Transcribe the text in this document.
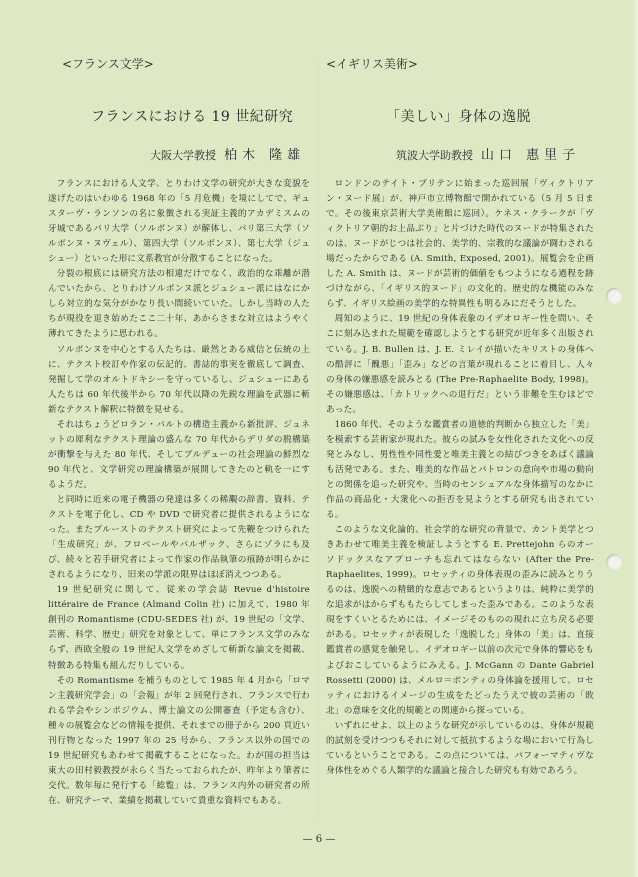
<フランス文学>
フランスにおける 19 世紀研究
大阪大学教授 柏木 隆雄

フランスにおける人文学、とりわけ文学の研究が大きな変貌を遂げたのはいわゆる 1968 年の「5 月危機」を境にしてで、ギュスターヴ・ランソンの名に象徴される実証主義的アカデミスムの牙城であるパリ大学（ソルボンヌ）が解体し、パリ第三大学（ソルボンヌ・ヌヴェル）、第四大学（ソルボンヌ）、第七大学（ジュシュー）といった形に文系教官が分散することになった。

分裂の根底には研究方法の相違だけでなく、政治的な乖離が潜んでいたから、とりわけソルボンヌ派とジュシュー派にはなにかしら対立的な気分がかなり長い間続いていた。しかし当時の人たちが現役を退き始めたここ二十年、あからさまな対立はようやく薄れてきたように思われる。

ソルボンヌを中心とする人たちは、厳然とある威信と伝統の上に、テクスト校訂や作家の伝記的、書誌的事実を徹底して調査、発掘して学のオルトドキシーを守っているし、ジュシューにある人たちは 60 年代後半から 70 年代以降の先鋭な理論を武器に斬新なテクスト解釈に特徴を見せる。

それはちょうどロラン・バルトの構造主義から新批評、ジュネットの犀利なテクスト理論の盛んな 70 年代からデリダの脱構築が衝撃を与えた 80 年代、そしてブルデューの社会理論の鮮烈な 90 年代と、文学研究の理論構築が展開してきたのと軌を一にするようだ。

と同時に近来の電子機器の発達は多くの稀覯の辞書、資料、テクストを電子化し、CD や DVD で研究者に提供されるようになった。またプルーストのテクスト研究によって先鞭をつけられた「生成研究」が、フロベールやバルザック、さらにゾラにも及び、続々と若手研究者によって作家の作品執筆の痕跡が明らかにされるようになり、旧来の学派の限界はほぼ消えつつある。

19 世紀研究に関して、従来の学会誌 Revue d'histoire littéraire de France (Almand Colin 社) に加えて、1980 年創刊の Romantisme (CDU-SEDES 社) が、19 世紀の「文学、芸術、科学、歴史」研究を対象として、単にフランス文学のみならず、西欧全般の 19 世紀人文学をめざして斬新な論文を掲載、特徴ある特集も組んだりしている。

その Romantisme を補うものとして 1985 年 4 月から「ロマン主義研究学会」の「会報」が年 2 回発行され、フランスで行われる学会やシンポジウム、博士論文の公開審査（予定も含む）、種々の展覧会などの情報を提供、それまでの冊子から 200 頁近い刊行物となった 1997 年の 25 号から、フランス以外の国での 19 世紀研究もあわせて掲載することになった。わが国の担当は東大の田村毅教授が永らく当たっておられたが、昨年より筆者に交代。数年毎に発行する「総覧」は、フランス内外の研究者の所在、研究テーマ、業績を掲載していて貴重な資料でもある。

<イギリス美術>
「美しい」身体の逸脱
筑波大学助教授 山口 惠里子

ロンドンのテイト・ブリテンに始まった巡回展「ヴィクトリアン・ヌード展」が、神戸市立博物館で開かれている（5 月 5 日まで。その後東京芸術大学美術館に巡回）。ケネス・クラークが「ヴィクトリア朝的お上品ぶり」と片づけた時代のヌードが特集されたのは、ヌードがじつは社会的、美学的、宗教的な議論が闘わされる場だったからである (A. Smith, Exposed, 2001)。展覧会を企画した A. Smith は、ヌードが芸術的価値をもつようになる過程を跡づけながら、「イギリス的ヌード」の文化的、歴史的な機能のみならず、イギリス絵画の美学的な特異性も明るみにだそうとした。

周知のように、19 世紀の身体表象のイデオロギー性を問い、そこに刻み込まれた規範を確認しようとする研究が近年多く出版されている。J. B. Bullen は、J. E. ミレイが描いたキリストの身体への酷評に「醜悪」「歪み」などの言葉が現れることに着目し、人々の身体の嫌悪感を読みとる (The Pre-Raphaelite Body, 1998)。その嫌悪感は、「カトリックへの退行だ」という非難を生むほどであった。

1860 年代、そのような鑑賞者の道徳的判断から独立した「美」を模索する芸術家が現れた。彼らの試みを女性化された文化への反発とみなし、男性性や同性愛と唯美主義との結びつきをあばく議論も活発である。また、唯美的な作品とパトロンの意向や市場の動向との関係を追った研究や、当時のセンシュアルな身体描写のなかに作品の商品化・大衆化への拒否を見ようとする研究も出されている。

このような文化論的、社会学的な研究の背景で、カント美学とつきあわせて唯美主義を検証しようとする E. Prettejohn らのオーソドックスなアプローチも忘れてはならない (After the Pre-Raphaelites, 1999)。ロセッティの身体表現の歪みに読みとりうるのは、逸脱への精緻的な意志であるというよりは、純粋に美学的な追求がはからずももたらしてしまった歪みである。このような表現をすくいとるためには、イメージそのものの現れに立ち戻る必要がある。ロセッティが表現した「逸脱した」身体の「美」は、直接鑑賞者の感覚を触発し、イデオロギー以前の次元で身体的響応をもよびおこしているようにみえる。J. McGann の Dante Gabriel Rossetti (2000) は、メルロ＝ポンティの身体論を援用して、ロセッティにおけるイメージの生成をたどったうえで彼の芸術の「敗北」の意味を文化的規範との関連から探っている。

いずれにせよ、以上のような研究が示しているのは、身体が規範的試刻を受けつつもそれに対して抵抗するような場において行為しているということである。この点については、パフォーマティヴな身体性をめぐる人類学的な議論と接合した研究も有効であろう。

— 6 —
